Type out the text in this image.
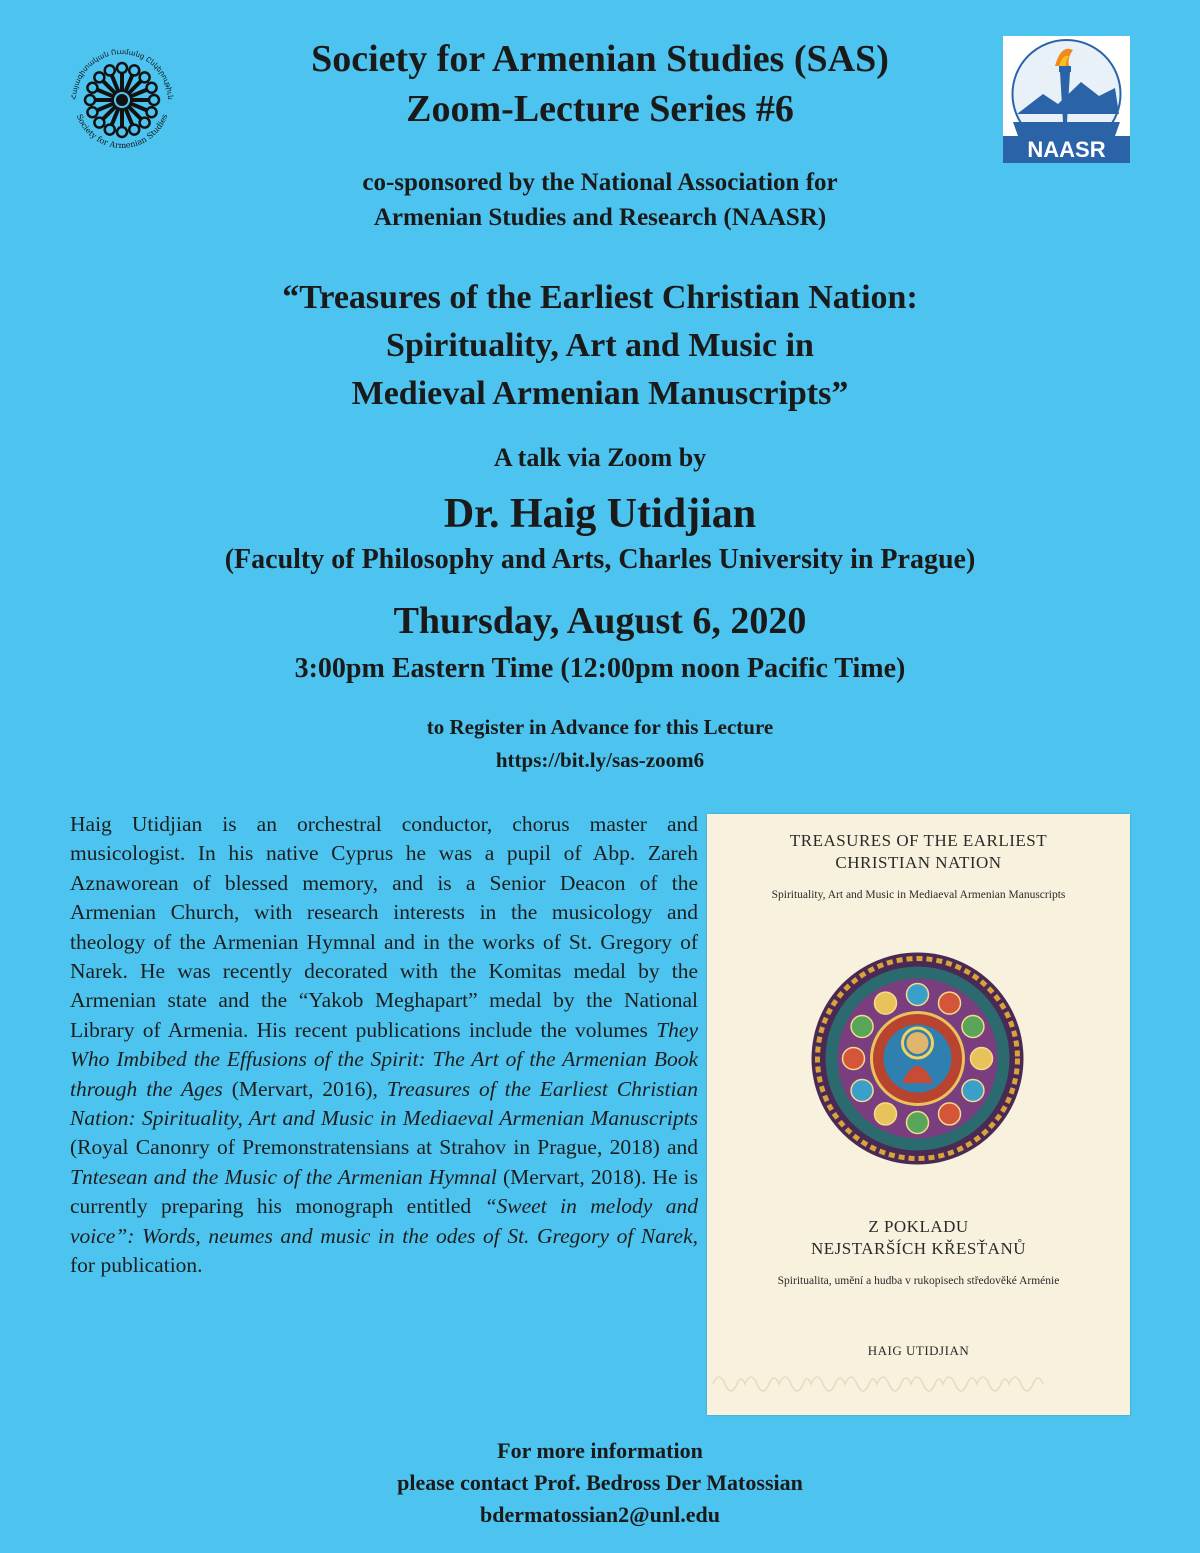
Հայագիտական Ուսմանց Ընկերութիւն
Society for Armenian Studies
NAASR
Society for Armenian Studies (SAS)
Zoom-Lecture Series #6
co-sponsored by the National Association for
Armenian Studies and Research (NAASR)
“Treasures of the Earliest Christian Nation:
Spirituality, Art and Music in
Medieval Armenian Manuscripts”
A talk via Zoom by
Dr. Haig Utidjian
(Faculty of Philosophy and Arts, Charles University in Prague)
Thursday, August 6, 2020
3:00pm Eastern Time (12:00pm noon Pacific Time)
to Register in Advance for this Lecture
https://bit.ly/sas-zoom6
Haig Utidjian is an orchestral conductor, chorus master and musicologist. In his native Cyprus he was a pupil of Abp. Zareh Aznaworean of blessed memory, and is a Senior Deacon of the Armenian Church, with research interests in the musicology and theology of the Armenian Hymnal and in the works of St. Gregory of Narek. He was recently decorated with the Komitas medal by the Armenian state and the “Yakob Meghapart” medal by the National Library of Armenia. His recent publications include the volumes They Who Imbibed the Effusions of the Spirit: The Art of the Armenian Book through the Ages (Mervart, 2016), Treasures of the Earliest Christian Nation: Spirituality, Art and Music in Mediaeval Armenian Manuscripts (Royal Canonry of Premonstratensians at Strahov in Prague, 2018) and Tntesean and the Music of the Armenian Hymnal (Mervart, 2018). He is currently preparing his monograph entitled “Sweet in melody and voice”: Words, neumes and music in the odes of St. Gregory of Narek, for publication.
TREASURES OF THE EARLIEST
CHRISTIAN NATION
Spirituality, Art and Music in Mediaeval Armenian Manuscripts
Z POKLADU
NEJSTARŠÍCH KŘESŤANŮ
Spiritualita, umění a hudba v rukopisech středověké Arménie
HAIG UTIDJIAN
For more information
please contact Prof. Bedross Der Matossian
bdermatossian2@unl.edu
